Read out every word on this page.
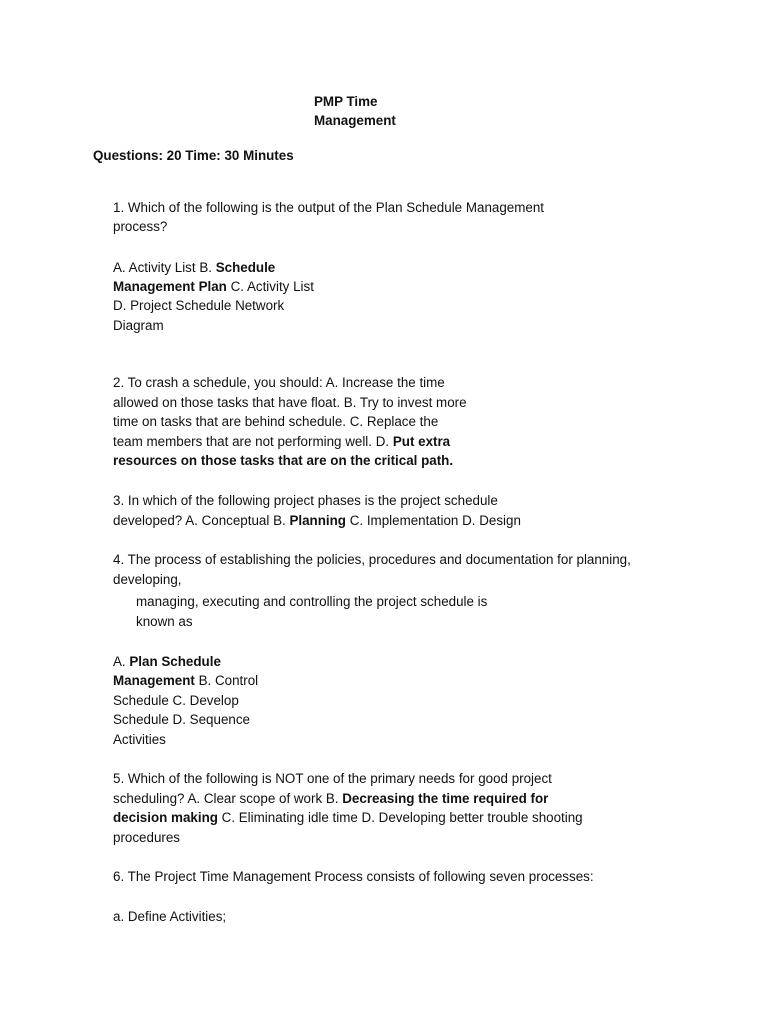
PMP Time
Management
Questions: 20 Time: 30 Minutes
1. Which of the following is the output of the Plan Schedule Management
process?
A. Activity List B. Schedule
Management Plan C. Activity List
D. Project Schedule Network
Diagram
2. To crash a schedule, you should: A. Increase the time
allowed on those tasks that have float. B. Try to invest more
time on tasks that are behind schedule. C. Replace the
team members that are not performing well. D. Put extra
resources on those tasks that are on the critical path.
3. In which of the following project phases is the project schedule
developed? A. Conceptual B. Planning C. Implementation D. Design
4. The process of establishing the policies, procedures and documentation for planning,
developing,
managing, executing and controlling the project schedule is
known as
A. Plan Schedule
Management B. Control
Schedule C. Develop
Schedule D. Sequence
Activities
5. Which of the following is NOT one of the primary needs for good project
scheduling? A. Clear scope of work B. Decreasing the time required for
decision making C. Eliminating idle time D. Developing better trouble shooting
procedures
6. The Project Time Management Process consists of following seven processes:
a. Define Activities;
